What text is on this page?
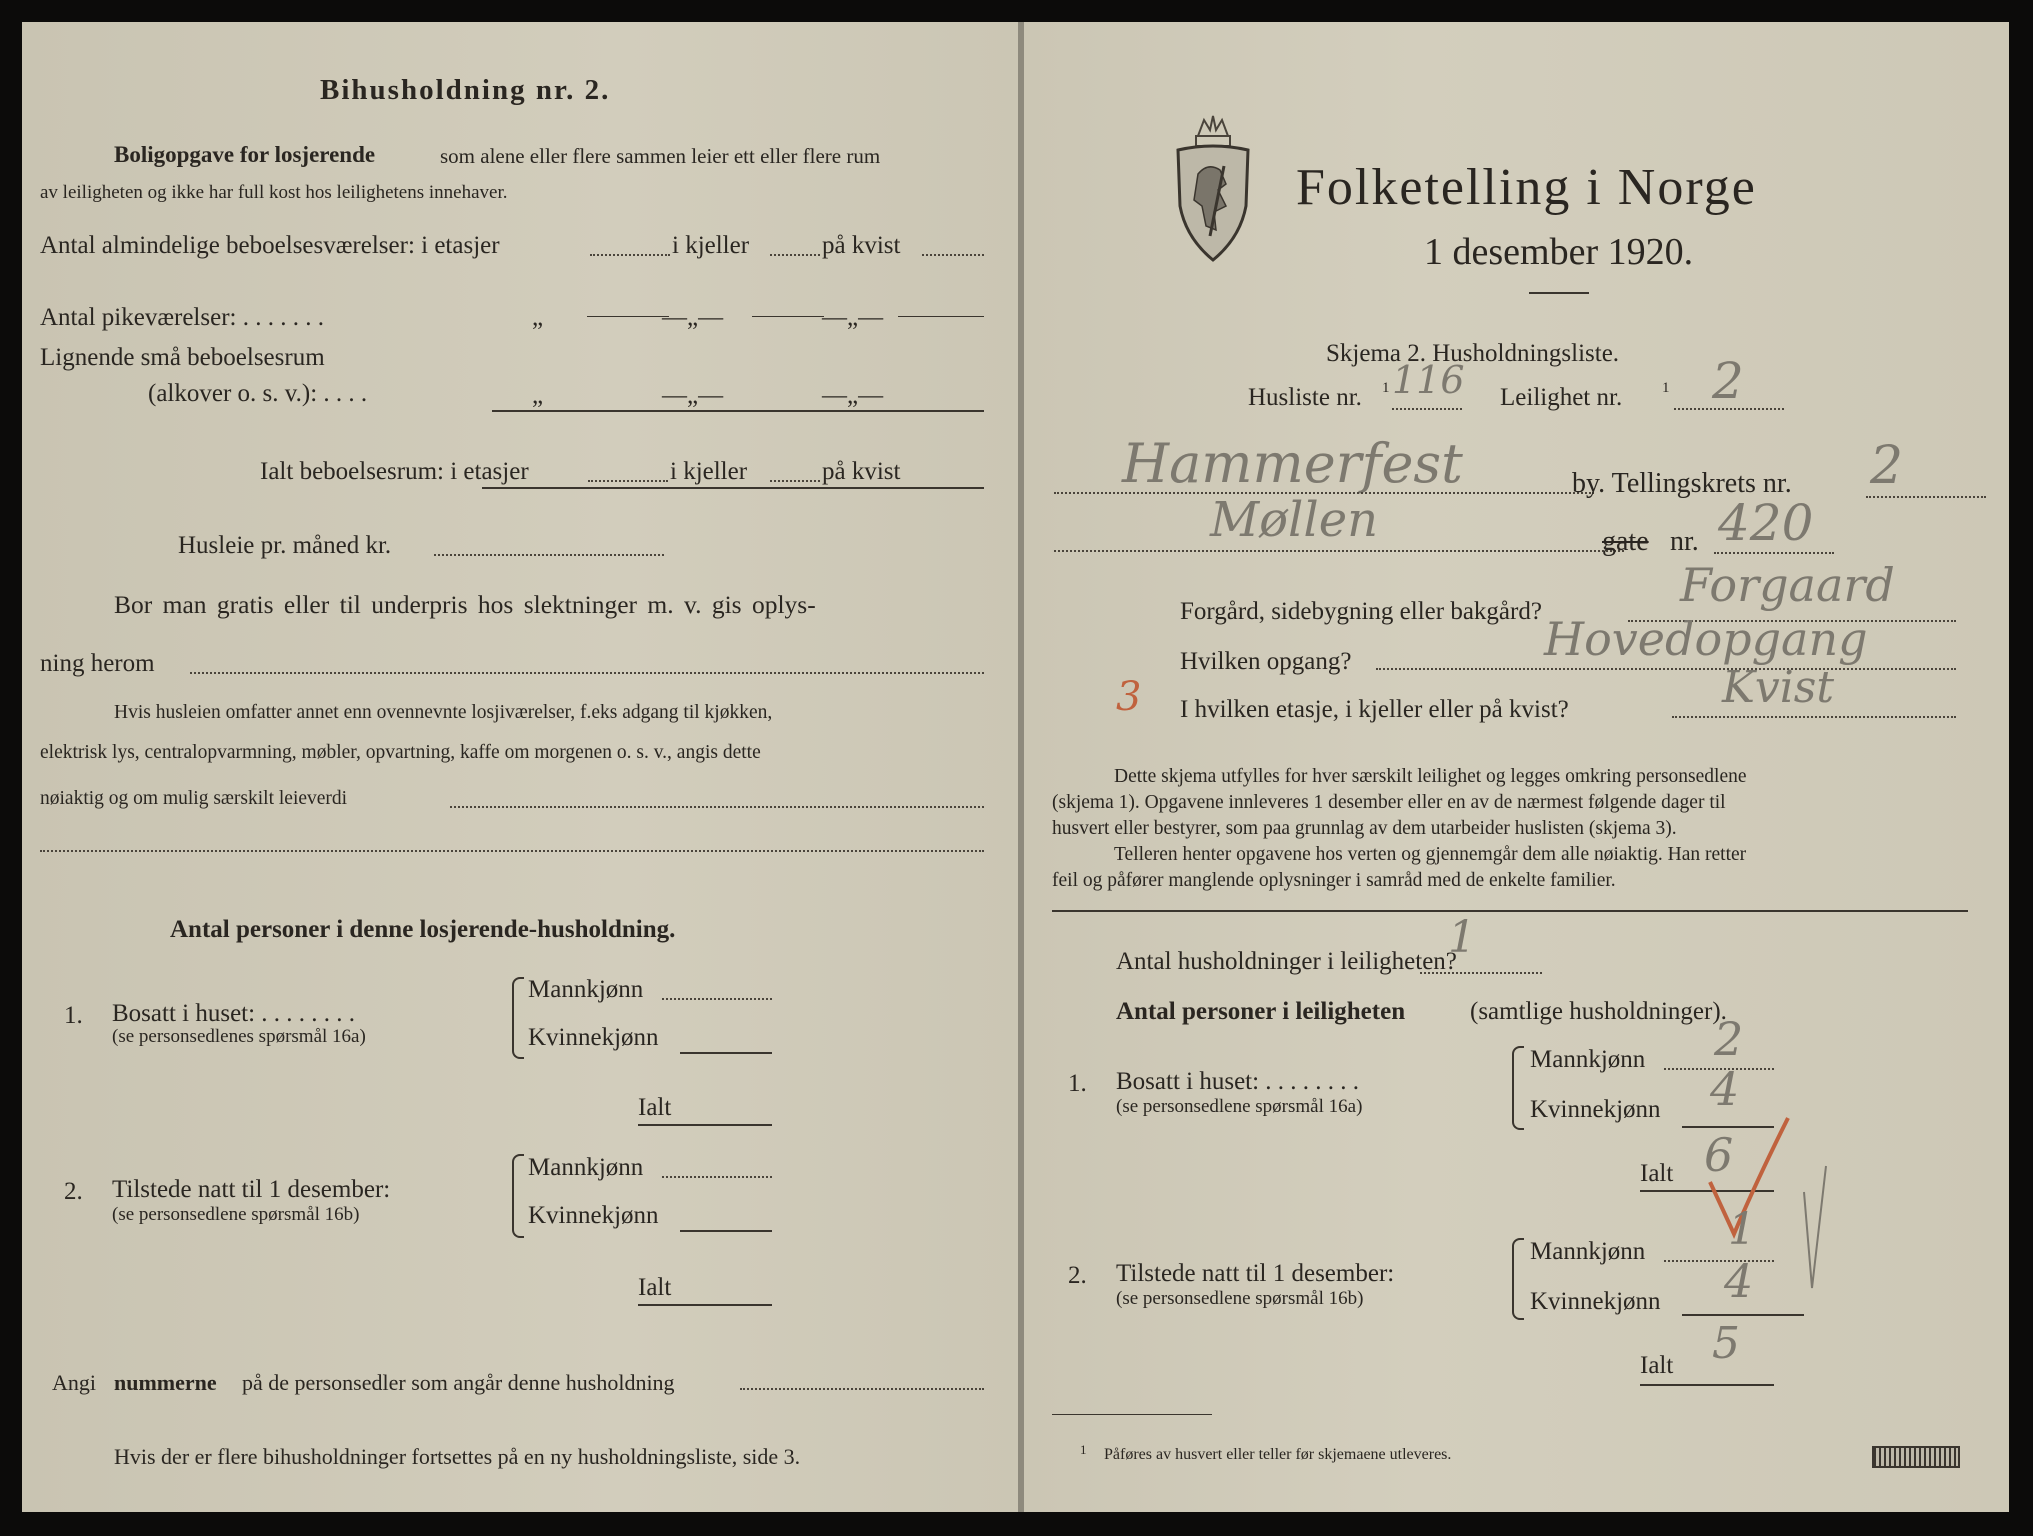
Bihusholdning nr. 2.
Boligopgave for losjerende	som alene eller flere sammen leier ett eller flere rum
av leiligheten og ikke har full kost hos leilighetens innehaver.
Antal almindelige beboelsesværelser: i etasjer	i kjeller	på kvist
Antal pikeværelser: . . . . . . .	„	—„—	—„—
Lignende små beboelsesrum
(alkover o. s. v.): . . . .	„	—„—	—„—
Ialt beboelsesrum: i etasjer	i kjeller	på kvist
Husleie pr. måned kr.
Bor man gratis eller til underpris hos slektninger m. v. gis oplys-
ning herom
Hvis husleien omfatter annet enn ovennevnte losjiværelser, f.eks adgang til kjøkken,
elektrisk lys, centralopvarmning, møbler, opvartning, kaffe om morgenen o. s. v., angis dette
nøiaktig og om mulig særskilt leieverdi
Antal personer i denne losjerende-husholdning.
1. Bosatt i huset: . . . . . . . .
(se personsedlenes spørsmål 16a)
Mannkjønn
Kvinnekjønn
Ialt
2. Tilstede natt til 1 desember:
(se personsedlene spørsmål 16b)
Mannkjønn
Kvinnekjønn
Ialt
Angi nummerne på de personsedler som angår denne husholdning
Hvis der er flere bihusholdninger fortsettes på en ny husholdningsliste, side 3.
Folketelling i Norge
1 desember 1920.
Skjema 2. Husholdningsliste.
Husliste nr. 1 116 Leilighet nr.	1 2
Hammerfest	by. Tellingskrets nr. 2
Møllen	gate nr. 420
Forgård, sidebygning eller bakgård?	Forgaard
Hvilken opgang?	Hovedopgang
3 I hvilken etasje, i kjeller eller på kvist?	Kvist
Dette skjema utfylles for hver særskilt leilighet og legges omkring personsedlene
(skjema 1). Opgavene innleveres 1 desember eller en av de nærmest følgende dager til
husvert eller bestyrer, som paa grunnlag av dem utarbeider huslisten (skjema 3).
Telleren henter opgavene hos verten og gjennemgår dem alle nøiaktig. Han retter
feil og påfører manglende oplysninger i samråd med de enkelte familier.
Antal husholdninger i leiligheten?
1
Antal personer i leiligheten	(samtlige husholdninger).
1. Bosatt i huset: . . . . . . . .
(se personsedlene spørsmål 16a)
Mannkjønn 2
Kvinnekjønn 4
Ialt 6
2. Tilstede natt til 1 desember:
(se personsedlene spørsmål 16b)
Mannkjønn 1
Kvinnekjønn 4
Ialt 5
1 Påføres av husvert eller teller før skjemaene utleveres.
